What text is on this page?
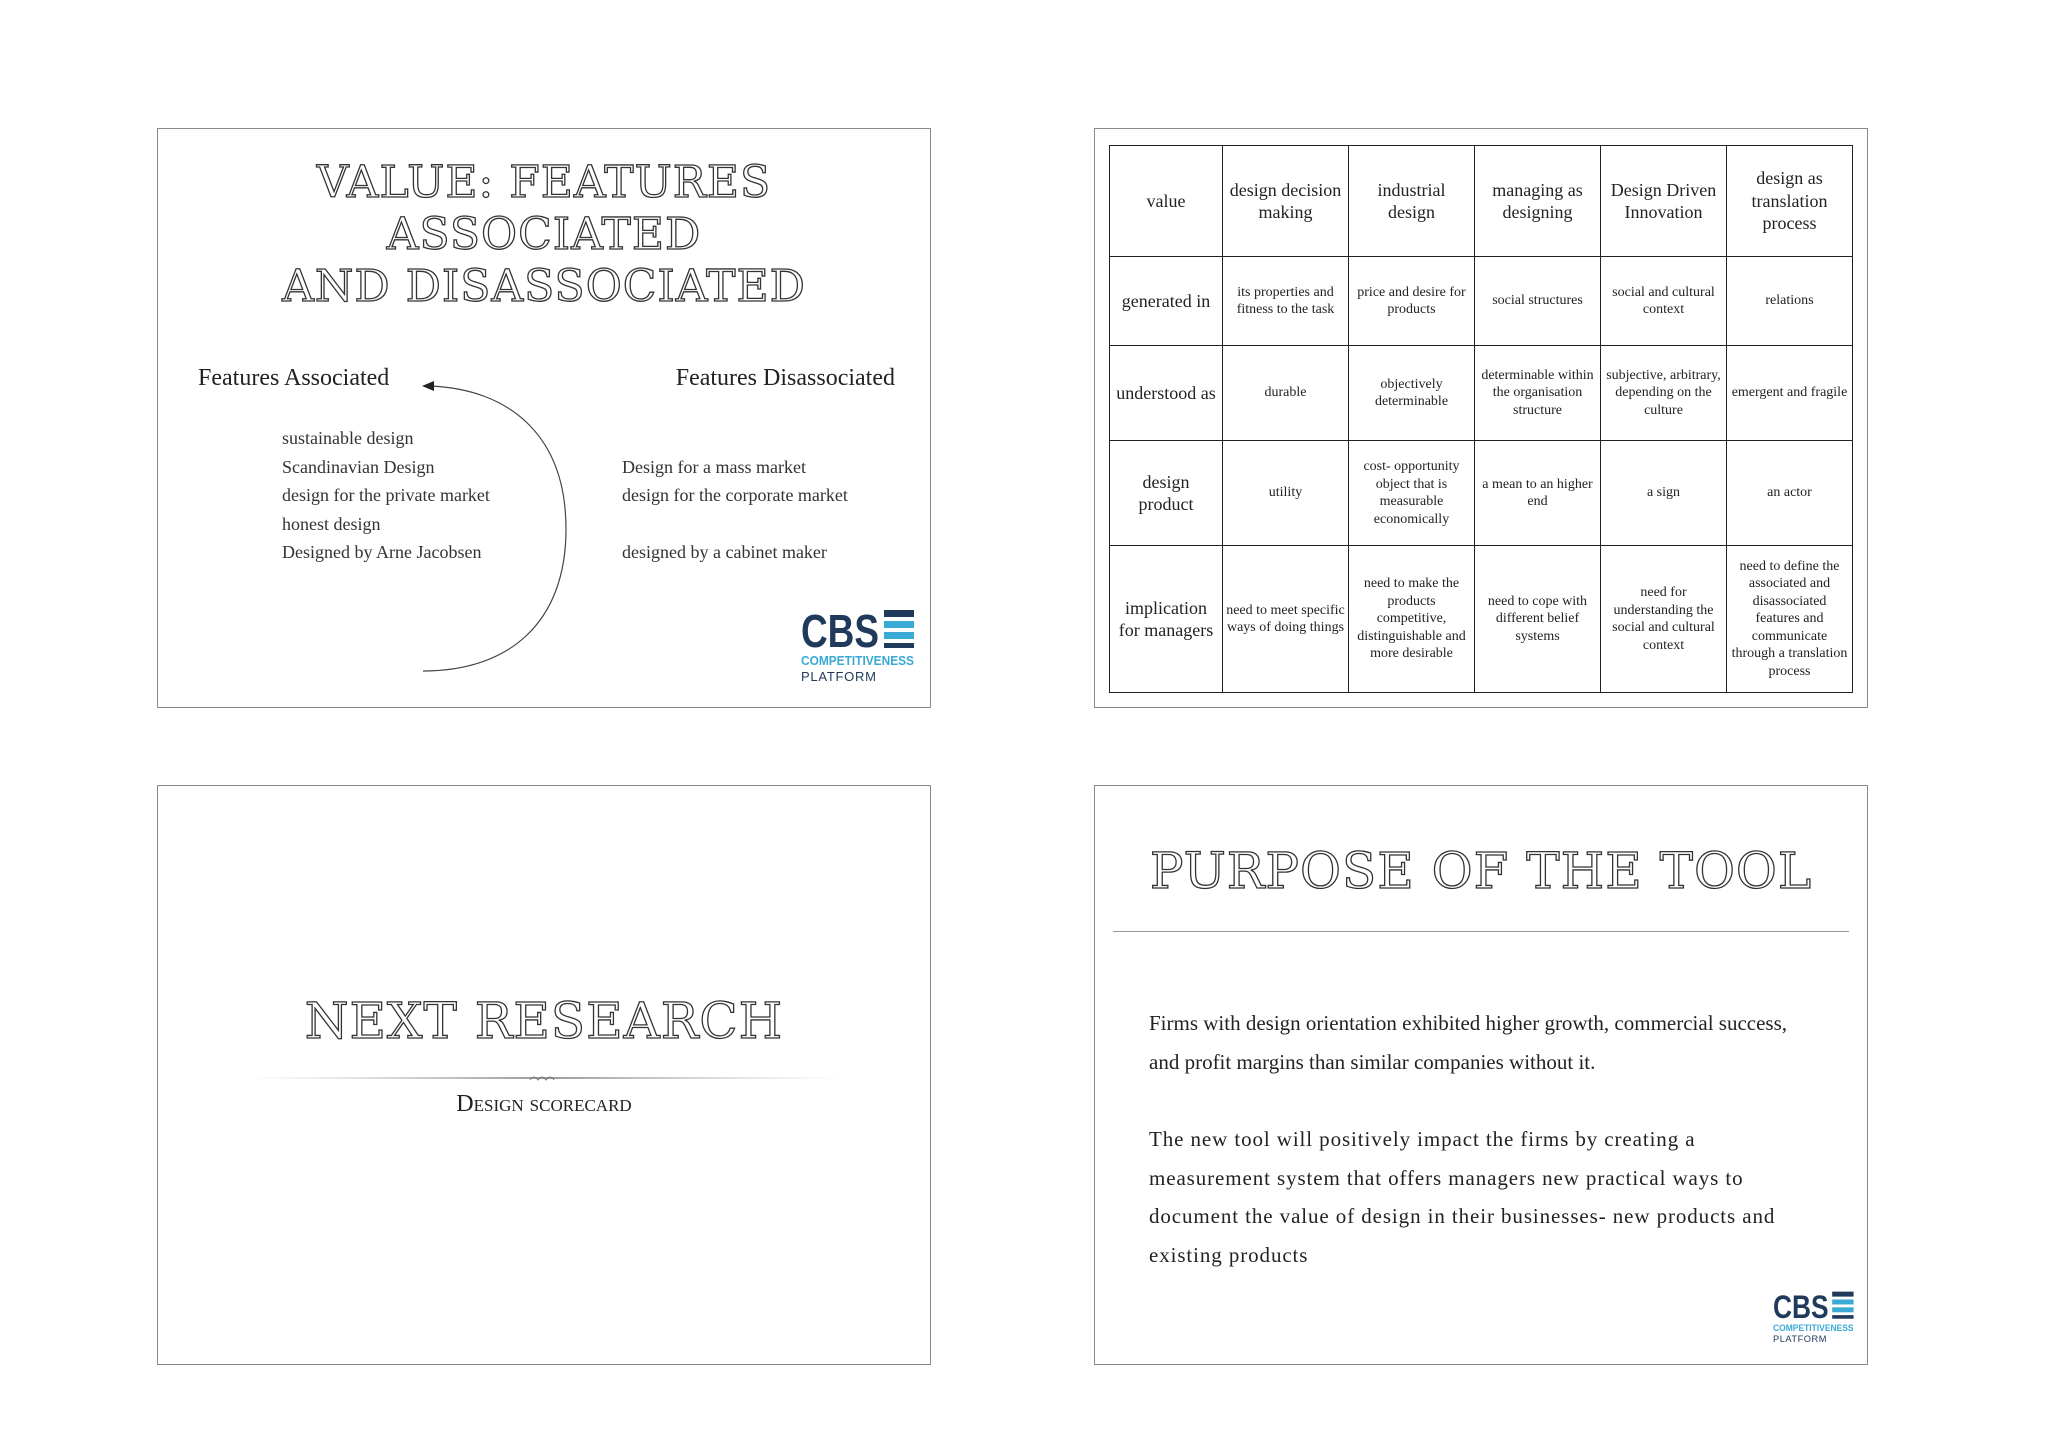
VALUE: FEATURES ASSOCIATED
AND DISASSOCIATED
Features Associated	Features Disassociated
sustainable design
Scandinavian Design
design for the private market
honest design
Designed by Arne Jacobsen
Design for a mass market
design for the corporate market
designed by a cabinet maker
CBS
COMPETITIVENESS
PLATFORM
value	design decision making	industrial design	managing as designing	Design Driven Innovation	design as translation process
generated in	its properties and fitness to the task	price and desire for products	social structures	social and cultural context	relations
understood as	durable	objectively determinable	determinable within the organisation structure	subjective, arbitrary, depending on the culture	emergent and fragile
design product	utility	cost- opportunity object that is measurable economically	a mean to an higher end	a sign	an actor
implication for managers	need to meet specific ways of doing things	need to make the products competitive, distinguishable and more desirable	need to cope with different belief systems	need for understanding the social and cultural context	need to define the associated and disassociated features and communicate through a translation process
NEXT RESEARCH
Design scorecard
PURPOSE OF THE TOOL

Firms with design orientation exhibited higher growth, commercial success, and profit margins than similar companies without it.

The new tool will positively impact the firms by creating a measurement system that offers managers new practical ways to document the value of design in their businesses- new products and existing products

CBS
COMPETITIVENESS
PLATFORM
